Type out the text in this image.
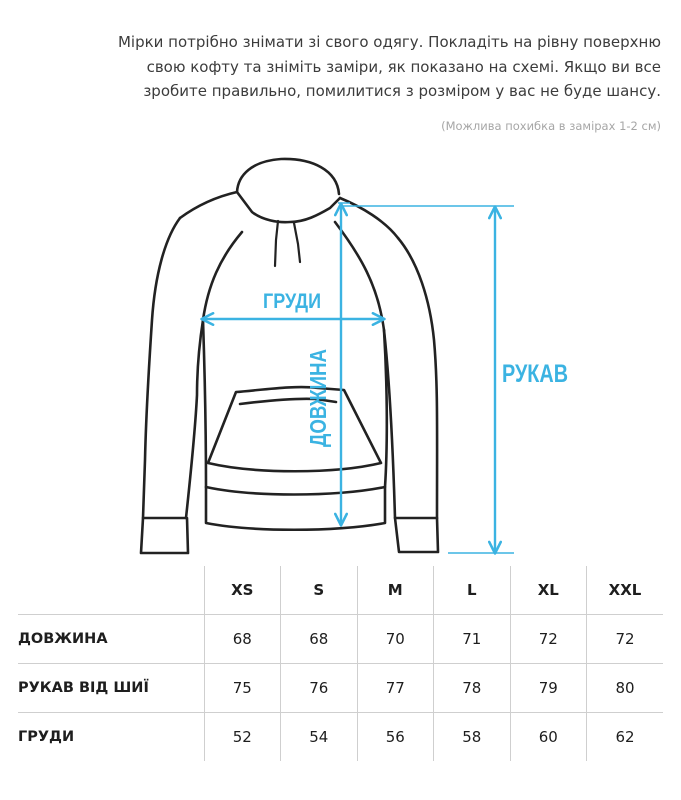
Мірки потрібно знімати зі свого одягу. Покладіть на рівну поверхню
свою кофту та зніміть заміри, як показано на схемі. Якщо ви все
зробите правильно, помилитися з розміром у вас не буде шансу.
(Можлива похибка в замірах 1-2 см)
ГРУДИ
ДОВЖИНА	РУКАВ
	XS	S	M	L	XL	XXL
ДОВЖИНА	68	68	70	71	72	72
РУКАВ ВІД ШИЇ	75	76	77	78	79	80
ГРУДИ	52	54	56	58	60	62
